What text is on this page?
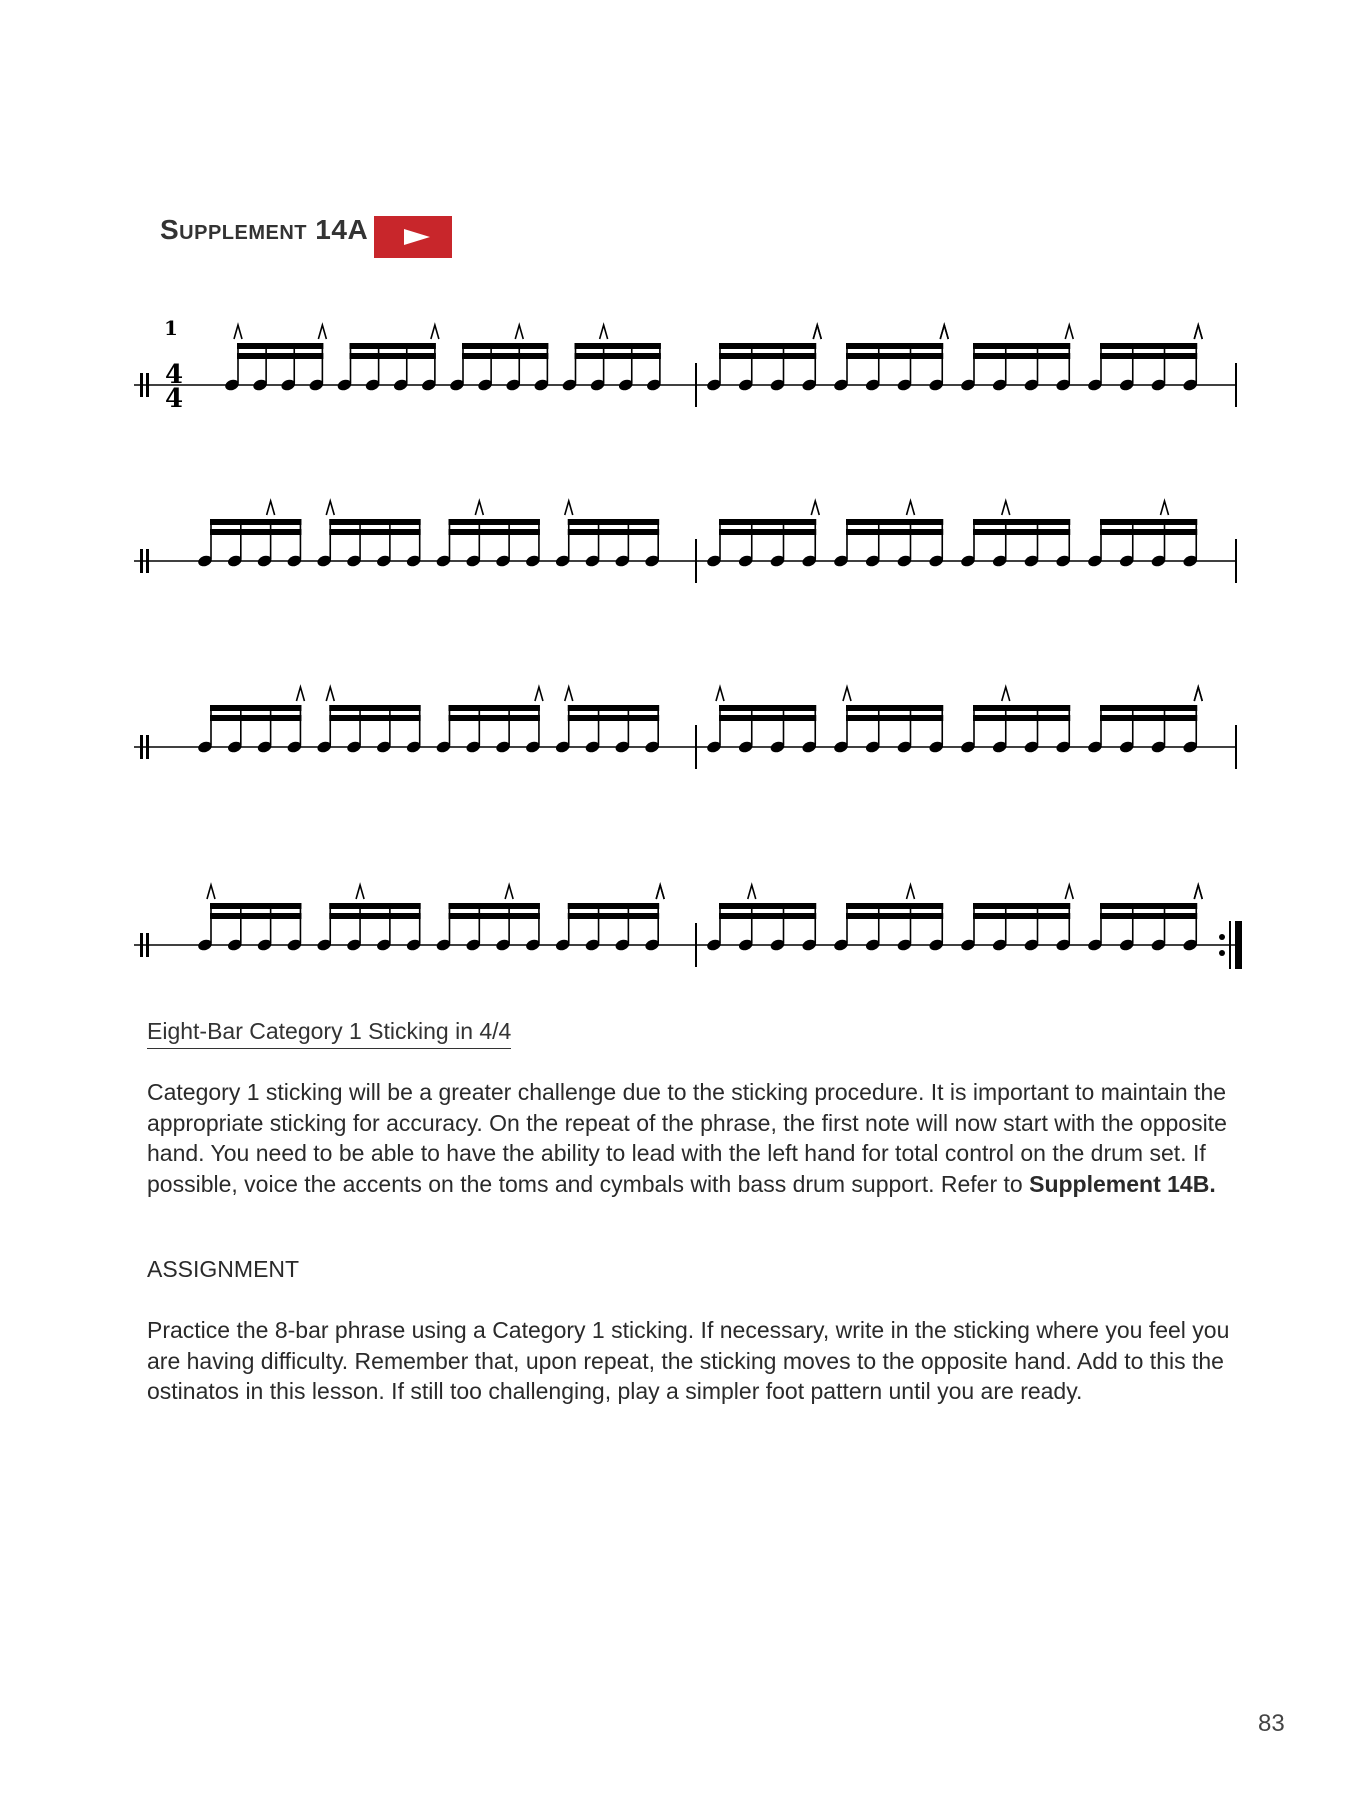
Supplement 14A
1
4
4
Eight-Bar Category 1 Sticking in 4/4
Category 1 sticking will be a greater challenge due to the sticking procedure. It is important to maintain the appropriate sticking for accuracy. On the repeat of the phrase, the first note will now start with the opposite hand. You need to be able to have the ability to lead with the left hand for total control on the drum set. If possible, voice the accents on the toms and cymbals with bass drum support. Refer to Supplement 14B.
ASSIGNMENT
Practice the 8-bar phrase using a Category 1 sticking. If necessary, write in the sticking where you feel you are having difficulty. Remember that, upon repeat, the sticking moves to the opposite hand. Add to this the ostinatos in this lesson. If still too challenging, play a simpler foot pattern until you are ready.
83
